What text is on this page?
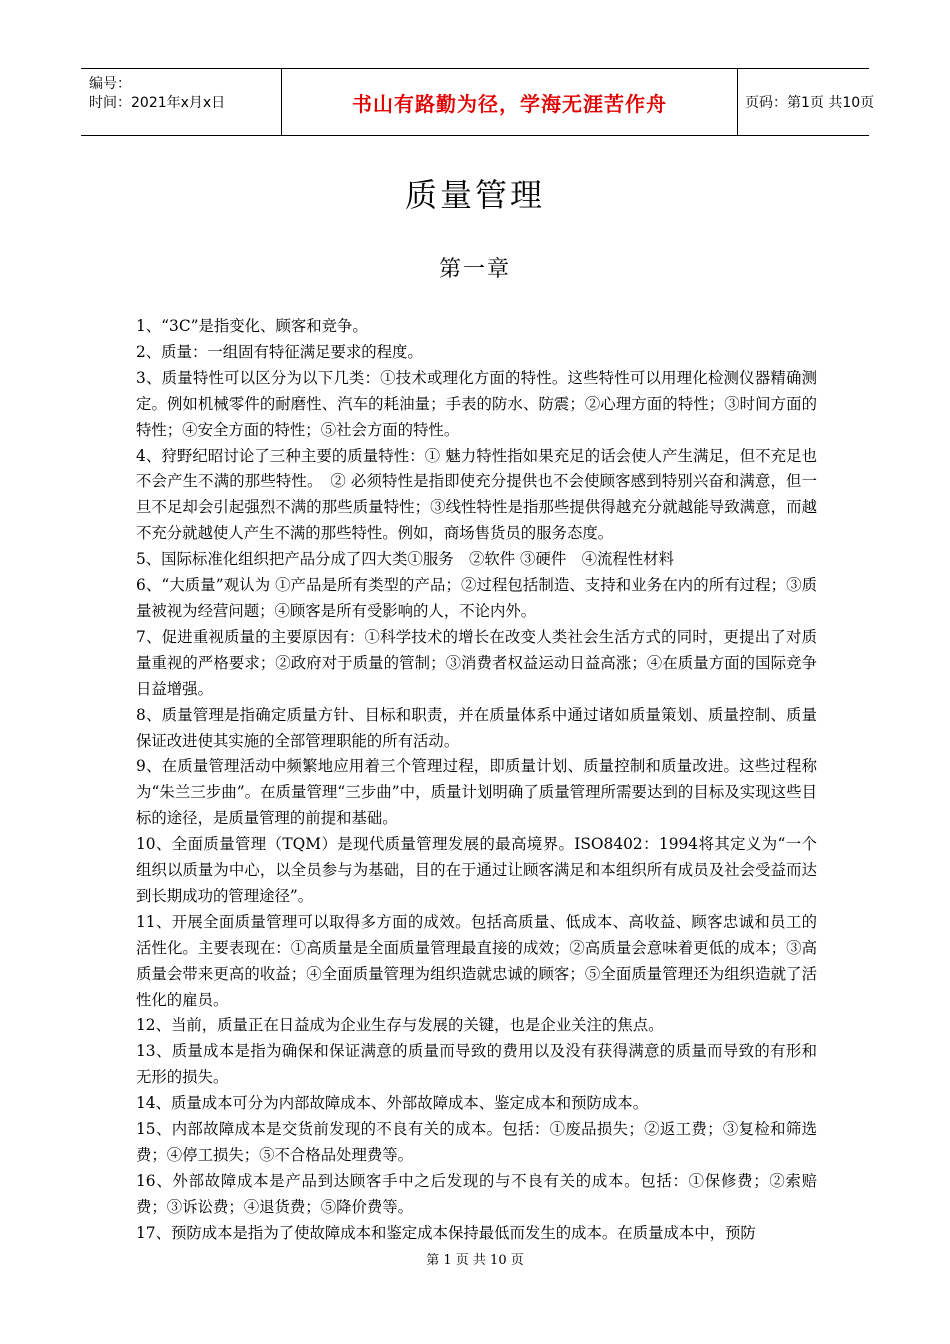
编号：
时间：2021年x月x日	书山有路勤为径，学海无涯苦作舟	页码：第1页 共10页
质量管理
第一章

1、“3C”是指变化、顾客和竞争。

2、质量：一组固有特征满足要求的程度。

3、质量特性可以区分为以下几类：①技术或理化方面的特性。这些特性可以用理化检测仪器精确测定。例如机械零件的耐磨性、汽车的耗油量；手表的防水、防震；②心理方面的特性；③时间方面的特性；④安全方面的特性；⑤社会方面的特性。

4、狩野纪昭讨论了三种主要的质量特性：① 魅力特性指如果充足的话会使人产生满足，但不充足也不会产生不满的那些特性。　② 必须特性是指即使充分提供也不会使顾客感到特别兴奋和满意，但一旦不足却会引起强烈不满的那些质量特性；③线性特性是指那些提供得越充分就越能导致满意，而越不充分就越使人产生不满的那些特性。例如，商场售货员的服务态度。

5、国际标准化组织把产品分成了四大类①服务　②软件 ③硬件　④流程性材料

6、“大质量”观认为 ①产品是所有类型的产品；②过程包括制造、支持和业务在内的所有过程；③质量被视为经营问题；④顾客是所有受影响的人，不论内外。

7、促进重视质量的主要原因有：①科学技术的增长在改变人类社会生活方式的同时，更提出了对质量重视的严格要求；②政府对于质量的管制；③消费者权益运动日益高涨；④在质量方面的国际竞争日益增强。

8、质量管理是指确定质量方针、目标和职责，并在质量体系中通过诸如质量策划、质量控制、质量保证改进使其实施的全部管理职能的所有活动。

9、在质量管理活动中频繁地应用着三个管理过程，即质量计划、质量控制和质量改进。这些过程称为“朱兰三步曲”。在质量管理“三步曲”中，质量计划明确了质量管理所需要达到的目标及实现这些目标的途径，是质量管理的前提和基础。

10、全面质量管理（TQM）是现代质量管理发展的最高境界。ISO8402：1994将其定义为“一个组织以质量为中心，以全员参与为基础，目的在于通过让顾客满足和本组织所有成员及社会受益而达到长期成功的管理途径”。

11、开展全面质量管理可以取得多方面的成效。包括高质量、低成本、高收益、顾客忠诚和员工的活性化。主要表现在：①高质量是全面质量管理最直接的成效；②高质量会意味着更低的成本；③高质量会带来更高的收益；④全面质量管理为组织造就忠诚的顾客；⑤全面质量管理还为组织造就了活性化的雇员。

12、当前，质量正在日益成为企业生存与发展的关键，也是企业关注的焦点。

13、质量成本是指为确保和保证满意的质量而导致的费用以及没有获得满意的质量而导致的有形和无形的损失。

14、质量成本可分为内部故障成本、外部故障成本、鉴定成本和预防成本。

15、内部故障成本是交货前发现的不良有关的成本。包括：①废品损失；②返工费；③复检和筛选费；④停工损失；⑤不合格品处理费等。

16、外部故障成本是产品到达顾客手中之后发现的与不良有关的成本。包括：①保修费；②索赔费；③诉讼费；④退货费；⑤降价费等。

17、预防成本是指为了使故障成本和鉴定成本保持最低而发生的成本。在质量成本中，预防

第 1 页 共 10 页
